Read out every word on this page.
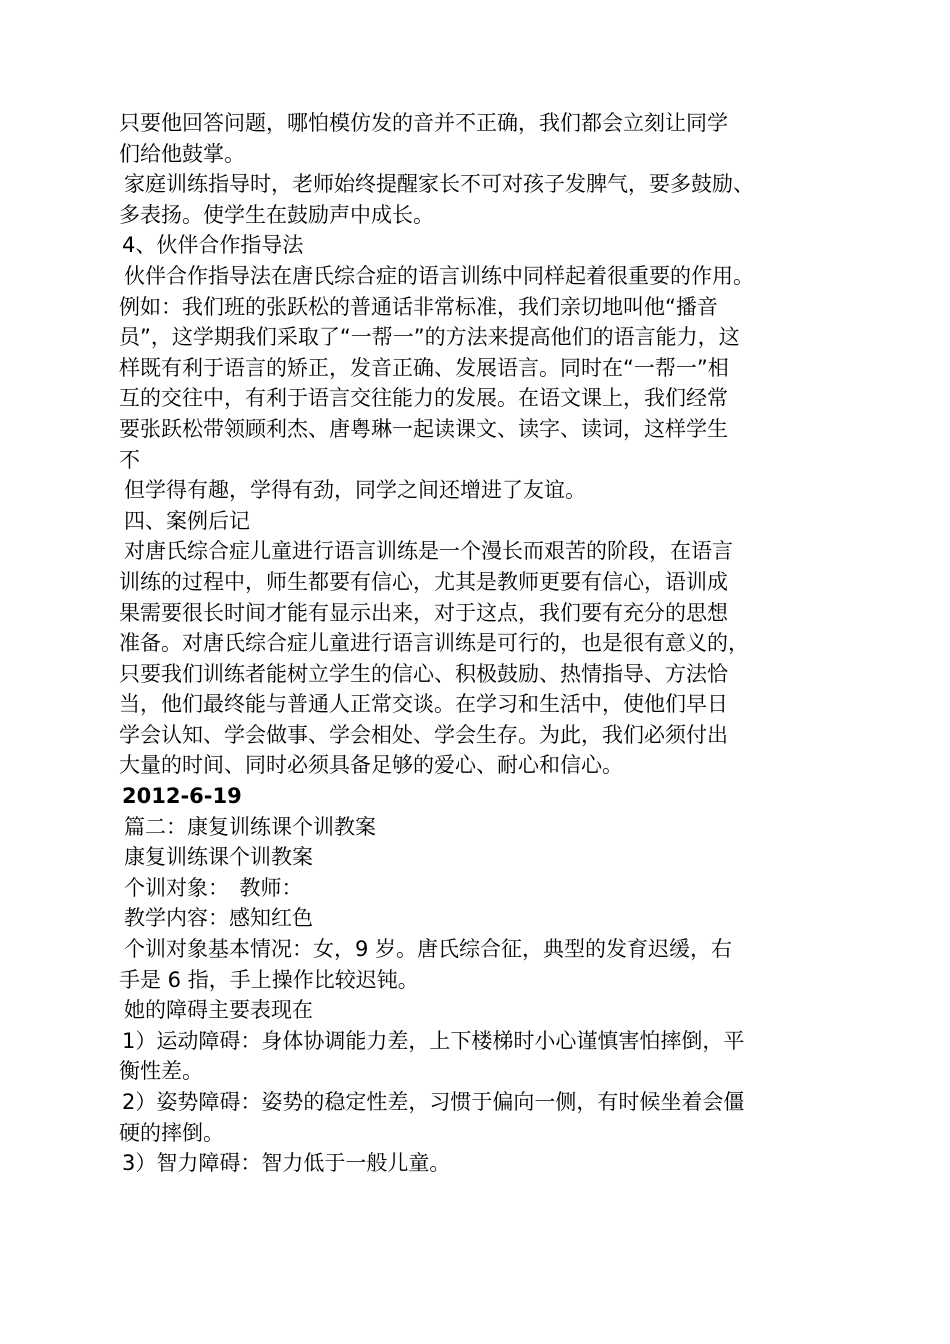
只要他回答问题，哪怕模仿发的音并不正确，我们都会立刻让同学
们给他鼓掌。
家庭训练指导时，老师始终提醒家长不可对孩子发脾气，要多鼓励、
多表扬。使学生在鼓励声中成长。
4、伙伴合作指导法
伙伴合作指导法在唐氏综合症的语言训练中同样起着很重要的作用。
例如：我们班的张跃松的普通话非常标准，我们亲切地叫他“播音
员”，这学期我们采取了“一帮一”的方法来提高他们的语言能力，这
样既有利于语言的矫正，发音正确、发展语言。同时在“一帮一”相
互的交往中，有利于语言交往能力的发展。在语文课上，我们经常
要张跃松带领顾利杰、唐粤琳一起读课文、读字、读词，这样学生
不
但学得有趣，学得有劲，同学之间还增进了友谊。
四、案例后记
对唐氏综合症儿童进行语言训练是一个漫长而艰苦的阶段，在语言
训练的过程中，师生都要有信心，尤其是教师更要有信心，语训成
果需要很长时间才能有显示出来，对于这点，我们要有充分的思想
准备。对唐氏综合症儿童进行语言训练是可行的，也是很有意义的，
只要我们训练者能树立学生的信心、积极鼓励、热情指导、方法恰
当，他们最终能与普通人正常交谈。在学习和生活中，使他们早日
学会认知、学会做事、学会相处、学会生存。为此，我们必须付出
大量的时间、同时必须具备足够的爱心、耐心和信心。
2012-6-19
篇二：康复训练课个训教案
康复训练课个训教案
个训对象：　教师：
教学内容：感知红色
个训对象基本情况：女，9 岁。唐氏综合征，典型的发育迟缓，右
手是 6 指，手上操作比较迟钝。
她的障碍主要表现在
1）运动障碍：身体协调能力差，上下楼梯时小心谨慎害怕摔倒，平
衡性差。
2）姿势障碍：姿势的稳定性差，习惯于偏向一侧，有时候坐着会僵
硬的摔倒。
3）智力障碍：智力低于一般儿童。
